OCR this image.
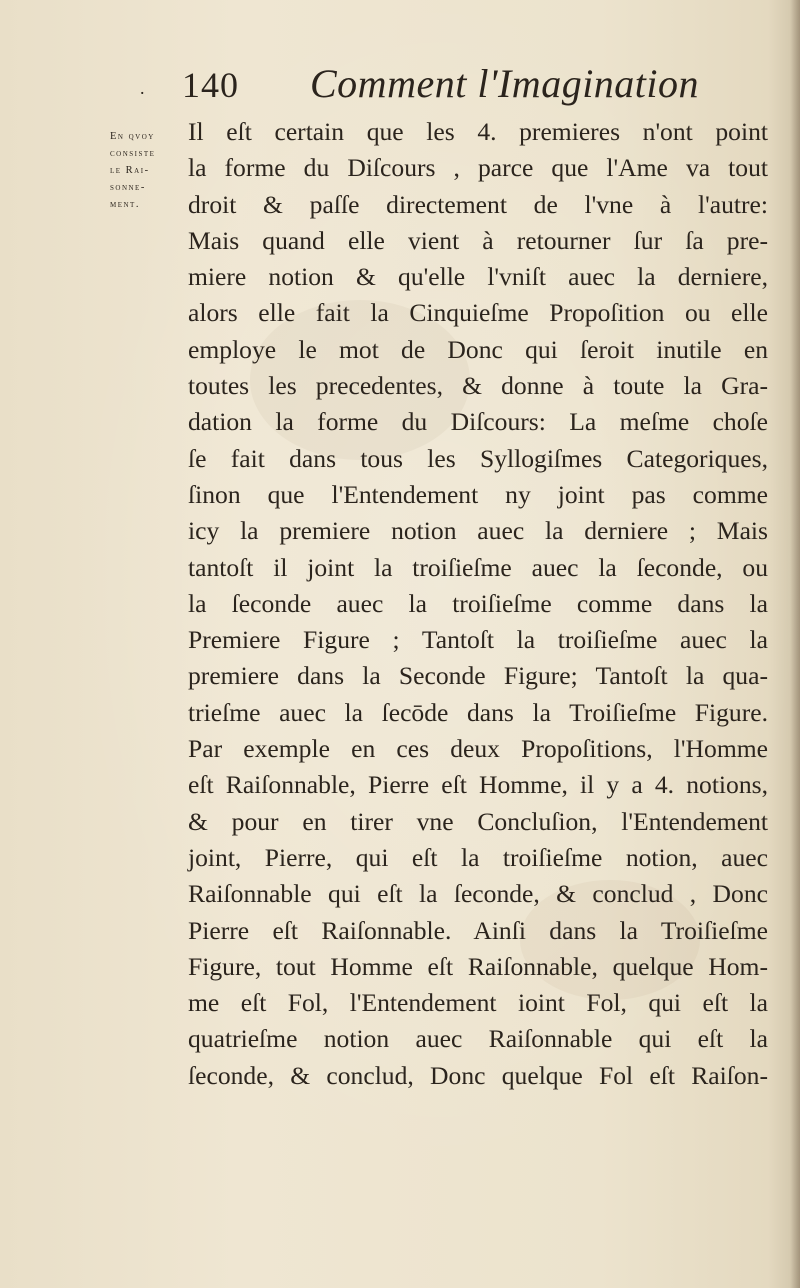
. 140 Comment l'Imagination
En qvoy
consiste
le Rai-
sonne-
ment.
Il eſt certain que les 4. premieres n'ont point
la forme du Diſcours , parce que l'Ame va tout
droit & paſſe directement de l'vne à l'autre:
Mais quand elle vient à retourner ſur ſa pre-
miere notion & qu'elle l'vniſt auec la derniere,
alors elle fait la Cinquieſme Propoſition ou elle
employe le mot de Donc qui ſeroit inutile en
toutes les precedentes, & donne à toute la Gra-
dation la forme du Diſcours: La meſme choſe
ſe fait dans tous les Syllogiſmes Categoriques,
ſinon que l'Entendement ny joint pas comme
icy la premiere notion auec la derniere ; Mais
tantoſt il joint la troiſieſme auec la ſeconde, ou
la ſeconde auec la troiſieſme comme dans la
Premiere Figure ; Tantoſt la troiſieſme auec la
premiere dans la Seconde Figure; Tantoſt la qua-
trieſme auec la ſecōde dans la Troiſieſme Figure.
Par exemple en ces deux Propoſitions, l'Homme
eſt Raiſonnable, Pierre eſt Homme, il y a 4. notions,
& pour en tirer vne Concluſion, l'Entendement
joint, Pierre, qui eſt la troiſieſme notion, auec
Raiſonnable qui eſt la ſeconde, & conclud , Donc
Pierre eſt Raiſonnable. Ainſi dans la Troiſieſme
Figure, tout Homme eſt Raiſonnable, quelque Hom-
me eſt Fol, l'Entendement ioint Fol, qui eſt la
quatrieſme notion auec Raiſonnable qui eſt la
ſeconde, & conclud, Donc quelque Fol eſt Raiſon-
